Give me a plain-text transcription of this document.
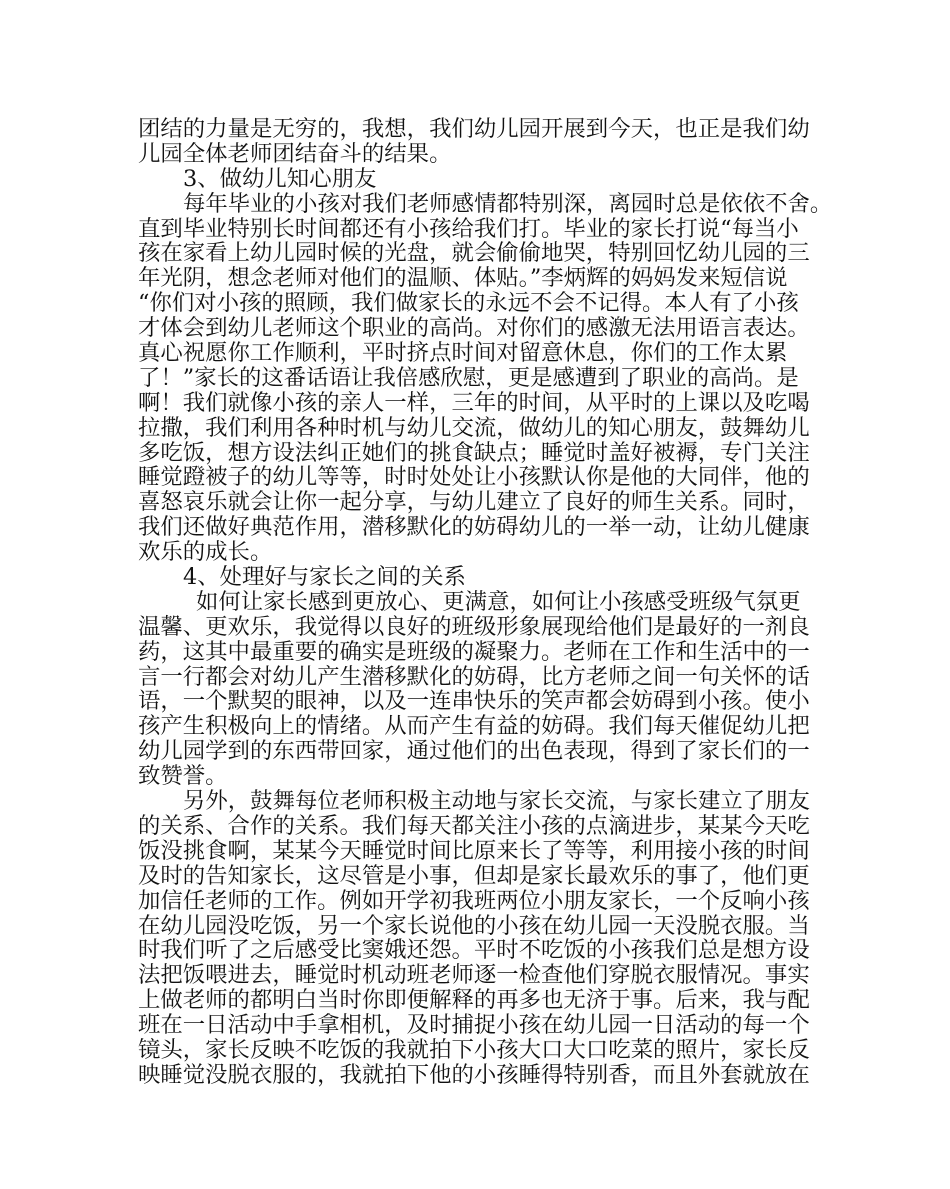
团结的力量是无穷的，我想，我们幼儿园开展到今天，也正是我们幼
儿园全体老师团结奋斗的结果。
3、做幼儿知心朋友
每年毕业的小孩对我们老师感情都特别深，离园时总是依依不舍。
直到毕业特别长时间都还有小孩给我们打。毕业的家长打说“每当小
孩在家看上幼儿园时候的光盘，就会偷偷地哭，特别回忆幼儿园的三
年光阴，想念老师对他们的温顺、体贴。”李炳辉的妈妈发来短信说
“你们对小孩的照顾，我们做家长的永远不会不记得。本人有了小孩
才体会到幼儿老师这个职业的高尚。对你们的感激无法用语言表达。
真心祝愿你工作顺利，平时挤点时间对留意休息，你们的工作太累
了！”家长的这番话语让我倍感欣慰，更是感遭到了职业的高尚。是
啊！我们就像小孩的亲人一样，三年的时间，从平时的上课以及吃喝
拉撒，我们利用各种时机与幼儿交流，做幼儿的知心朋友，鼓舞幼儿
多吃饭，想方设法纠正她们的挑食缺点；睡觉时盖好被褥，专门关注
睡觉蹬被子的幼儿等等，时时处处让小孩默认你是他的大同伴，他的
喜怒哀乐就会让你一起分享，与幼儿建立了良好的师生关系。同时，
我们还做好典范作用，潜移默化的妨碍幼儿的一举一动，让幼儿健康
欢乐的成长。
4、处理好与家长之间的关系
如何让家长感到更放心、更满意，如何让小孩感受班级气氛更
温馨、更欢乐，我觉得以良好的班级形象展现给他们是最好的一剂良
药，这其中最重要的确实是班级的凝聚力。老师在工作和生活中的一
言一行都会对幼儿产生潜移默化的妨碍，比方老师之间一句关怀的话
语，一个默契的眼神，以及一连串快乐的笑声都会妨碍到小孩。使小
孩产生积极向上的情绪。从而产生有益的妨碍。我们每天催促幼儿把
幼儿园学到的东西带回家，通过他们的出色表现，得到了家长们的一
致赞誉。
另外，鼓舞每位老师积极主动地与家长交流，与家长建立了朋友
的关系、合作的关系。我们每天都关注小孩的点滴进步，某某今天吃
饭没挑食啊，某某今天睡觉时间比原来长了等等，利用接小孩的时间
及时的告知家长，这尽管是小事，但却是家长最欢乐的事了，他们更
加信任老师的工作。例如开学初我班两位小朋友家长，一个反响小孩
在幼儿园没吃饭，另一个家长说他的小孩在幼儿园一天没脱衣服。当
时我们听了之后感受比窦娥还怨。平时不吃饭的小孩我们总是想方设
法把饭喂进去，睡觉时机动班老师逐一检查他们穿脱衣服情况。事实
上做老师的都明白当时你即便解释的再多也无济于事。后来，我与配
班在一日活动中手拿相机，及时捕捉小孩在幼儿园一日活动的每一个
镜头，家长反映不吃饭的我就拍下小孩大口大口吃菜的照片，家长反
映睡觉没脱衣服的，我就拍下他的小孩睡得特别香，而且外套就放在
